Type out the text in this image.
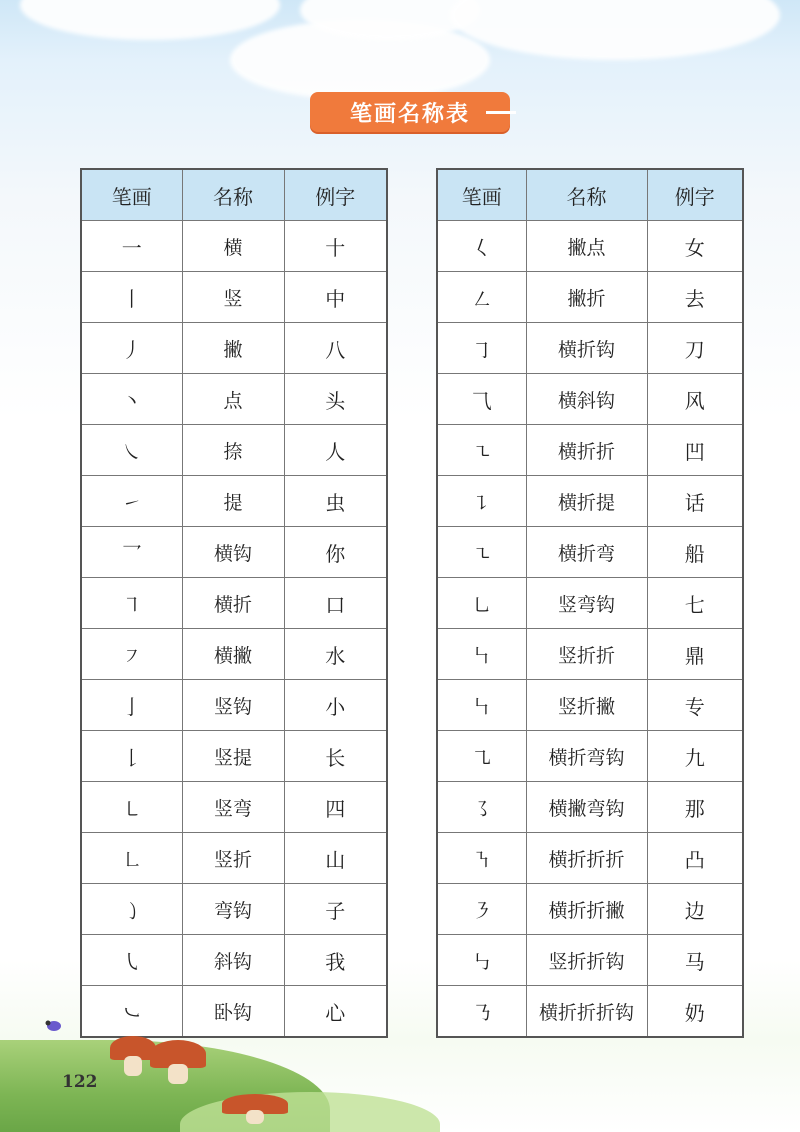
笔画名称表
笔画	名称	例字
一	横	十
丨	竖	中
丿	撇	八
丶	点	头
㇏	捺	人
㇀	提	虫
乛	横钩	你
㇕	横折	口
㇇	横撇	水
亅	竖钩	小
𠄌	竖提	长
㇄	竖弯	四
㇗	竖折	山
㇁	弯钩	子
㇂	斜钩	我
㇃	卧钩	心
笔画	名称	例字
𡿨	撇点	女
㇜	撇折	去
㇆	横折钩	刀
⺄	横斜钩	风
㇍	横折折	凹
㇊	横折提	话
㇍	横折弯	船
㇟	竖弯钩	七
㇞	竖折折	鼎
㇞	竖折撇	专
㇈	横折弯钩	九
㇌	横撇弯钩	那
㇎	横折折折	凸
㇋	横折折撇	边
㇉	竖折折钩	马
㇡	横折折折钩	奶
122
